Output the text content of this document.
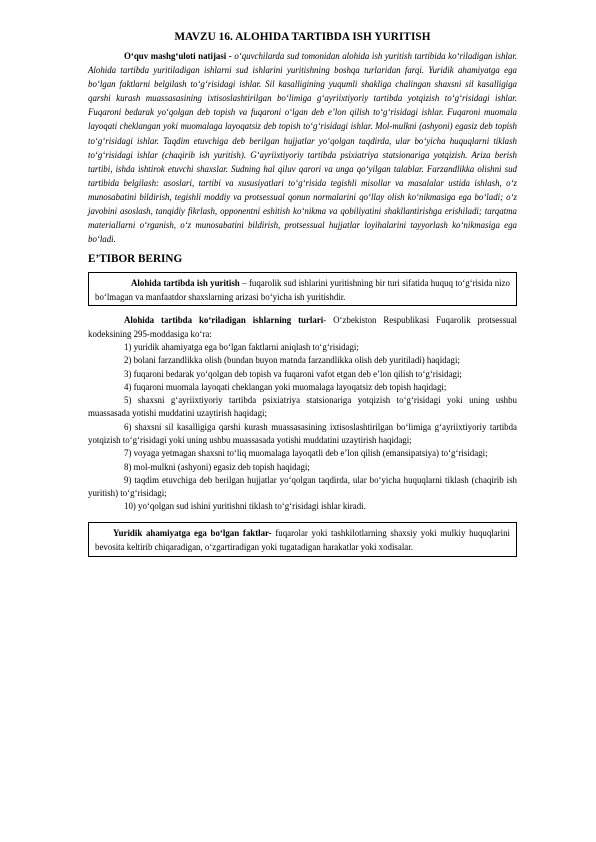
MAVZU 16. ALOHIDA TARTIBDA ISH YURITISH

O‘quv mashg‘uloti natijasi - o‘quvchilarda sud tomonidan alohida ish yuritish tartibida ko‘riladigan ishlar. Alohida tartibda yuritiladigan ishlarni sud ishlarini yuritishning boshqa turlaridan farqi. Yuridik ahamiyatga ega bo‘lgan faktlarni belgilash to‘g‘risidagi ishlar. Sil kasalligining yuqumli shakliga chalingan shaxsni sil kasalligiga qarshi kurash muassasasining ixtisoslashtirilgan bo‘limiga g‘ayriixtiyoriy tartibda yotqizish to‘g‘risidagi ishlar. Fuqaroni bedarak yo‘qolgan deb topish va fuqaroni o‘lgan deb e’lon qilish to‘g‘risidagi ishlar. Fuqaroni muomala layoqati cheklangan yoki muomalaga layoqatsiz deb topish to‘g‘risidagi ishlar. Mol-mulkni (ashyoni) egasiz deb topish to‘g‘risidagi ishlar. Taqdim etuvchiga deb berilgan hujjatlar yo‘qolgan taqdirda, ular bo‘yicha huquqlarni tiklash to‘g‘risidagi ishlar (chaqirib ish yuritish). G‘ayriixtiyoriy tartibda psixiatriya statsionariga yotqizish. Ariza berish tartibi, ishda ishtirok etuvchi shaxslar. Sudning hal qiluv qarori va unga qo‘yilgan talablar. Farzandlikka olishni sud tartibida belgilash: asoslari, tartibi va xususiyatlari to‘g‘risida tegishli misollar va masalalar ustida ishlash, o‘z munosabatini bildirish, tegishli moddiy va protsessual qonun normalarini qo‘llay olish ko‘nikmasiga ega bo‘ladi; o‘z javobini asoslash, tanqidiy fikrlash, opponentni eshitish ko‘nikma va qobiliyatini shakllantirishga erishiladi; tarqatma materiallarni o‘rganish, o‘z munosabatini bildirish, protsessual hujjatlar loyihalarini tayyorlash ko‘nikmasiga ega bo‘ladi.

E’TIBOR BERING

Alohida tartibda ish yuritish – fuqarolik sud ishlarini yuritishning bir turi sifatida huquq to‘g‘risida nizo bo‘lmagan va manfaatdor shaxslarning arizasi bo‘yicha ish yuritishdir.

Alohida tartibda ko‘riladigan ishlarning turlari- O‘zbekiston Respublikasi Fuqarolik protsessual kodeksining 295-moddasiga ko‘ra:

1) yuridik ahamiyatga ega bo‘lgan faktlarni aniqlash to‘g‘risidagi;

2) bolani farzandlikka olish (bundan buyon matnda farzandlikka olish deb yuritiladi) haqidagi;

3) fuqaroni bedarak yo‘qolgan deb topish va fuqaroni vafot etgan deb e’lon qilish to‘g‘risidagi;

4) fuqaroni muomala layoqati cheklangan yoki muomalaga layoqatsiz deb topish haqidagi;

5) shaxsni g‘ayriixtiyoriy tartibda psixiatriya statsionariga yotqizish to‘g‘risidagi yoki uning ushbu muassasada yotishi muddatini uzaytirish haqidagi;

6) shaxsni sil kasalligiga qarshi kurash muassasasining ixtisoslashtirilgan bo‘limiga g‘ayriixtiyoriy tartibda yotqizish to‘g‘risidagi yoki uning ushbu muassasada yotishi muddatini uzaytirish haqidagi;

7) voyaga yetmagan shaxsni to‘liq muomalaga layoqatli deb e’lon qilish (emansipatsiya) to‘g‘risidagi;

8) mol-mulkni (ashyoni) egasiz deb topish haqidagi;

9) taqdim etuvchiga deb berilgan hujjatlar yo‘qolgan taqdirda, ular bo‘yicha huquqlarni tiklash (chaqirib ish yuritish) to‘g‘risidagi;

10) yo‘qolgan sud ishini yuritishni tiklash to‘g‘risidagi ishlar kiradi.

Yuridik ahamiyatga ega bo‘lgan faktlar- fuqarolar yoki tashkilotlarning shaxsiy yoki mulkiy huquqlarini bevosita keltirib chiqaradigan, o‘zgartiradigan yoki tugatadigan harakatlar yoki xodisalar.
